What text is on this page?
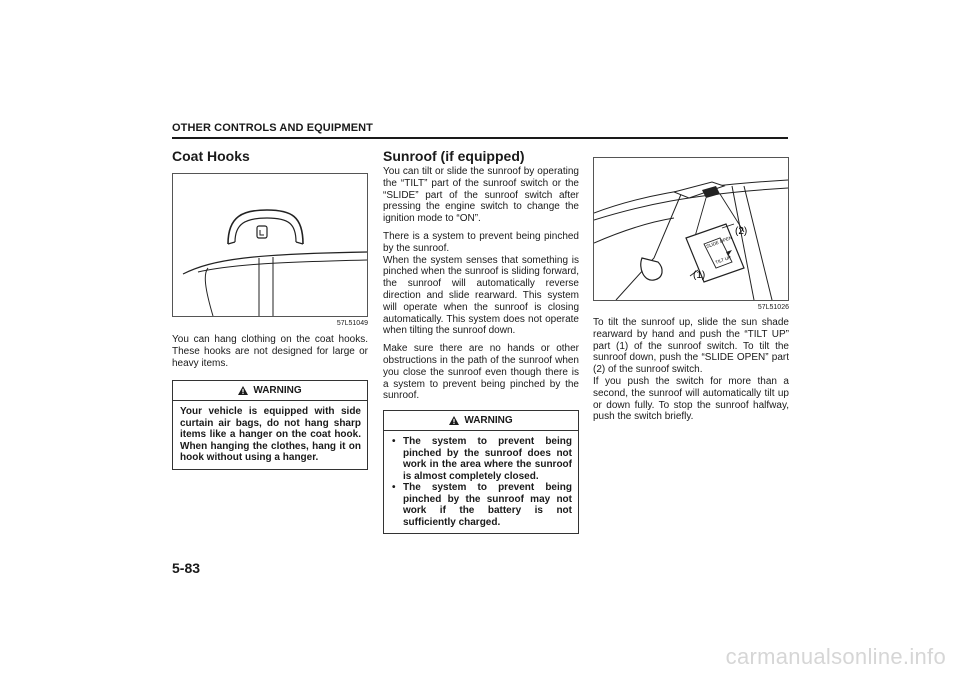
OTHER CONTROLS AND EQUIPMENT
Coat Hooks
57L51049

You can hang clothing on the coat hooks. These hooks are not designed for large or heavy items.

WARNING
Your vehicle is equipped with side curtain air bags, do not hang sharp items like a hanger on the coat hook. When hanging the clothes, hang it on hook without using a hanger.
Sunroof (if equipped)

You can tilt or slide the sunroof by operating the “TILT” part of the sunroof switch or the “SLIDE” part of the sunroof switch after pressing the engine switch to change the ignition mode to “ON”.

There is a system to prevent being pinched by the sunroof.

When the system senses that something is pinched when the sunroof is sliding forward, the sunroof will automatically reverse direction and slide rearward. This system will operate when the sunroof is closing automatically. This system does not operate when tilting the sunroof down.

Make sure there are no hands or other obstructions in the path of the sunroof when you close the sunroof even though there is a system to prevent being pinched by the sunroof.

WARNING
• The system to prevent being pinched by the sunroof does not work in the area where the sunroof is almost completely closed.
• The system to prevent being pinched by the sunroof may not work if the battery is not sufficiently charged.
SLIDE OPEN
TILT UP
(2)
(1)
57L51026

To tilt the sunroof up, slide the sun shade rearward by hand and push the “TILT UP” part (1) of the sunroof switch. To tilt the sunroof down, push the “SLIDE OPEN” part (2) of the sunroof switch.

If you push the switch for more than a second, the sunroof will automatically tilt up or down fully. To stop the sunroof halfway, push the switch briefly.

5-83
carmanualsonline.info
